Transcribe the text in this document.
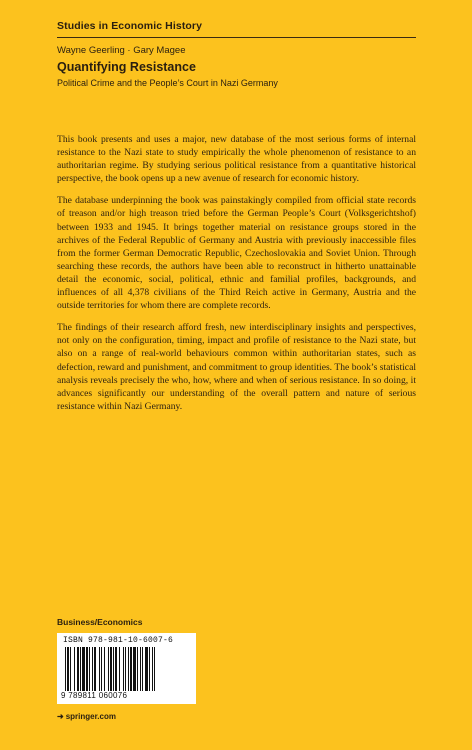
Studies in Economic History

Wayne Geerling · Gary Magee
Quantifying Resistance
Political Crime and the People’s Court in Nazi Germany

This book presents and uses a major, new database of the most serious forms of internal resistance to the Nazi state to study empirically the whole phenomenon of resistance to an authoritarian regime. By studying serious political resistance from a quantitative historical perspective, the book opens up a new avenue of research for economic history.

The database underpinning the book was painstakingly compiled from official state records of treason and/or high treason tried before the German People’s Court (Volksgerichtshof) between 1933 and 1945. It brings together material on resistance groups stored in the archives of the Federal Republic of Germany and Austria with previously inaccessible files from the former German Democratic Republic, Czechoslovakia and Soviet Union. Through searching these records, the authors have been able to reconstruct in hitherto unattainable detail the economic, social, political, ethnic and familial profiles, backgrounds, and influences of all 4,378 civilians of the Third Reich active in Germany, Austria and the outside territories for whom there are complete records.

The findings of their research afford fresh, new interdisciplinary insights and perspectives, not only on the configuration, timing, impact and profile of resistance to the Nazi state, but also on a range of real-world behaviours common within authoritarian states, such as defection, reward and punishment, and commitment to group identities. The book’s statistical analysis reveals precisely the who, how, where and when of serious resistance. In so doing, it advances significantly our understanding of the overall pattern and nature of serious resistance within Nazi Germany.

Business/Economics
ISBN 978-981-10-6007-6
9 789811 060076
➜ springer.com
